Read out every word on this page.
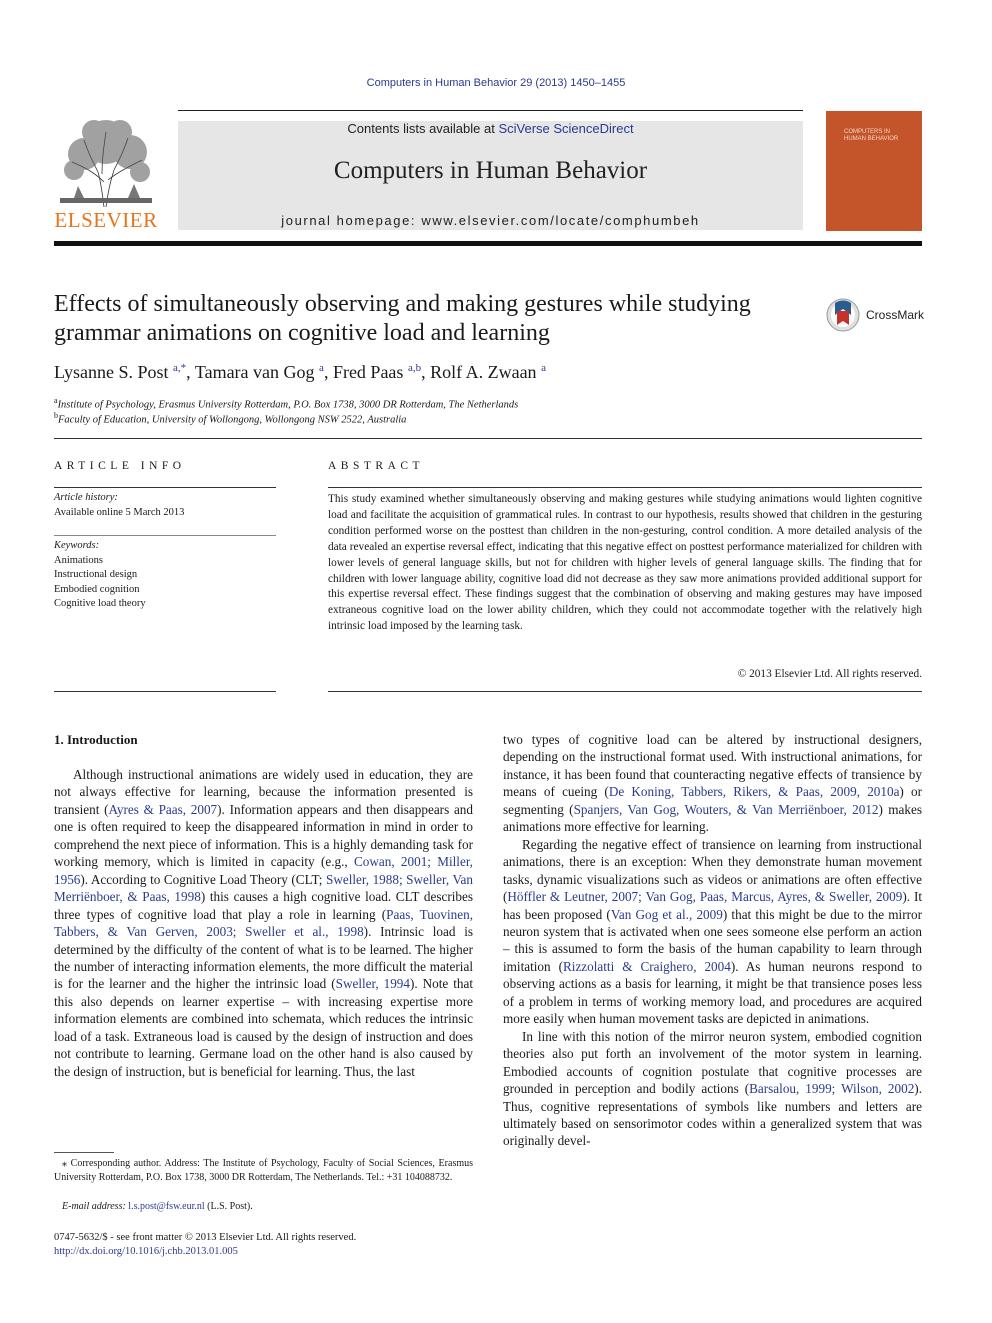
Computers in Human Behavior 29 (2013) 1450–1455
ELSEVIER
Contents lists available at SciVerse ScienceDirect
Computers in Human Behavior
journal homepage: www.elsevier.com/locate/comphumbeh
COMPUTERS IN HUMAN BEHAVIOR
Effects of simultaneously observing and making gestures while studying grammar animations on cognitive load and learning
CrossMark
Lysanne S. Post $^{a,*}$, Tamara van Gog $^a$, Fred Paas $^{a,b}$, Rolf A. Zwaan $^a$
$^a$Institute of Psychology, Erasmus University Rotterdam, P.O. Box 1738, 3000 DR Rotterdam, The Netherlands
$^b$Faculty of Education, University of Wollongong, Wollongong NSW 2522, Australia
ARTICLE INFO
Article history:
Available online 5 March 2013
Keywords:
Animations
Instructional design
Embodied cognition
Cognitive load theory
ABSTRACT
This study examined whether simultaneously observing and making gestures while studying animations would lighten cognitive load and facilitate the acquisition of grammatical rules. In contrast to our hypothesis, results showed that children in the gesturing condition performed worse on the posttest than children in the non-gesturing, control condition. A more detailed analysis of the data revealed an expertise reversal effect, indicating that this negative effect on posttest performance materialized for children with lower levels of general language skills, but not for children with higher levels of general language skills. The finding that for children with lower language ability, cognitive load did not decrease as they saw more animations provided additional support for this expertise reversal effect. These findings suggest that the combination of observing and making gestures may have imposed extraneous cognitive load on the lower ability children, which they could not accommodate together with the relatively high intrinsic load imposed by the learning task.
© 2013 Elsevier Ltd. All rights reserved.
1. Introduction

Although instructional animations are widely used in education, they are not always effective for learning, because the information presented is transient (Ayres & Paas, 2007). Information appears and then disappears and one is often required to keep the disappeared information in mind in order to comprehend the next piece of information. This is a highly demanding task for working memory, which is limited in capacity (e.g., Cowan, 2001; Miller, 1956). According to Cognitive Load Theory (CLT; Sweller, 1988; Sweller, Van Merriënboer, & Paas, 1998) this causes a high cognitive load. CLT describes three types of cognitive load that play a role in learning (Paas, Tuovinen, Tabbers, & Van Gerven, 2003; Sweller et al., 1998). Intrinsic load is determined by the difficulty of the content of what is to be learned. The higher the number of interacting information elements, the more difficult the material is for the learner and the higher the intrinsic load (Sweller, 1994). Note that this also depends on learner expertise – with increasing expertise more information elements are combined into schemata, which reduces the intrinsic load of a task. Extraneous load is caused by the design of instruction and does not contribute to learning. Germane load on the other hand is also caused by the design of instruction, but is beneficial for learning. Thus, the last

two types of cognitive load can be altered by instructional designers, depending on the instructional format used. With instructional animations, for instance, it has been found that counteracting negative effects of transience by means of cueing (De Koning, Tabbers, Rikers, & Paas, 2009, 2010a) or segmenting (Spanjers, Van Gog, Wouters, & Van Merriënboer, 2012) makes animations more effective for learning.

Regarding the negative effect of transience on learning from instructional animations, there is an exception: When they demonstrate human movement tasks, dynamic visualizations such as videos or animations are often effective (Höffler & Leutner, 2007; Van Gog, Paas, Marcus, Ayres, & Sweller, 2009). It has been proposed (Van Gog et al., 2009) that this might be due to the mirror neuron system that is activated when one sees someone else perform an action – this is assumed to form the basis of the human capability to learn through imitation (Rizzolatti & Craighero, 2004). As human neurons respond to observing actions as a basis for learning, it might be that transience poses less of a problem in terms of working memory load, and procedures are acquired more easily when human movement tasks are depicted in animations.

In line with this notion of the mirror neuron system, embodied cognition theories also put forth an involvement of the motor system in learning. Embodied accounts of cognition postulate that cognitive processes are grounded in perception and bodily actions (Barsalou, 1999; Wilson, 2002). Thus, cognitive representations of symbols like numbers and letters are ultimately based on sensorimotor codes within a generalized system that was originally devel-

⁎ Corresponding author. Address: The Institute of Psychology, Faculty of Social Sciences, Erasmus University Rotterdam, P.O. Box 1738, 3000 DR Rotterdam, The Netherlands. Tel.: +31 104088732.
E-mail address: l.s.post@fsw.eur.nl (L.S. Post).
0747-5632/$ - see front matter © 2013 Elsevier Ltd. All rights reserved.
http://dx.doi.org/10.1016/j.chb.2013.01.005
